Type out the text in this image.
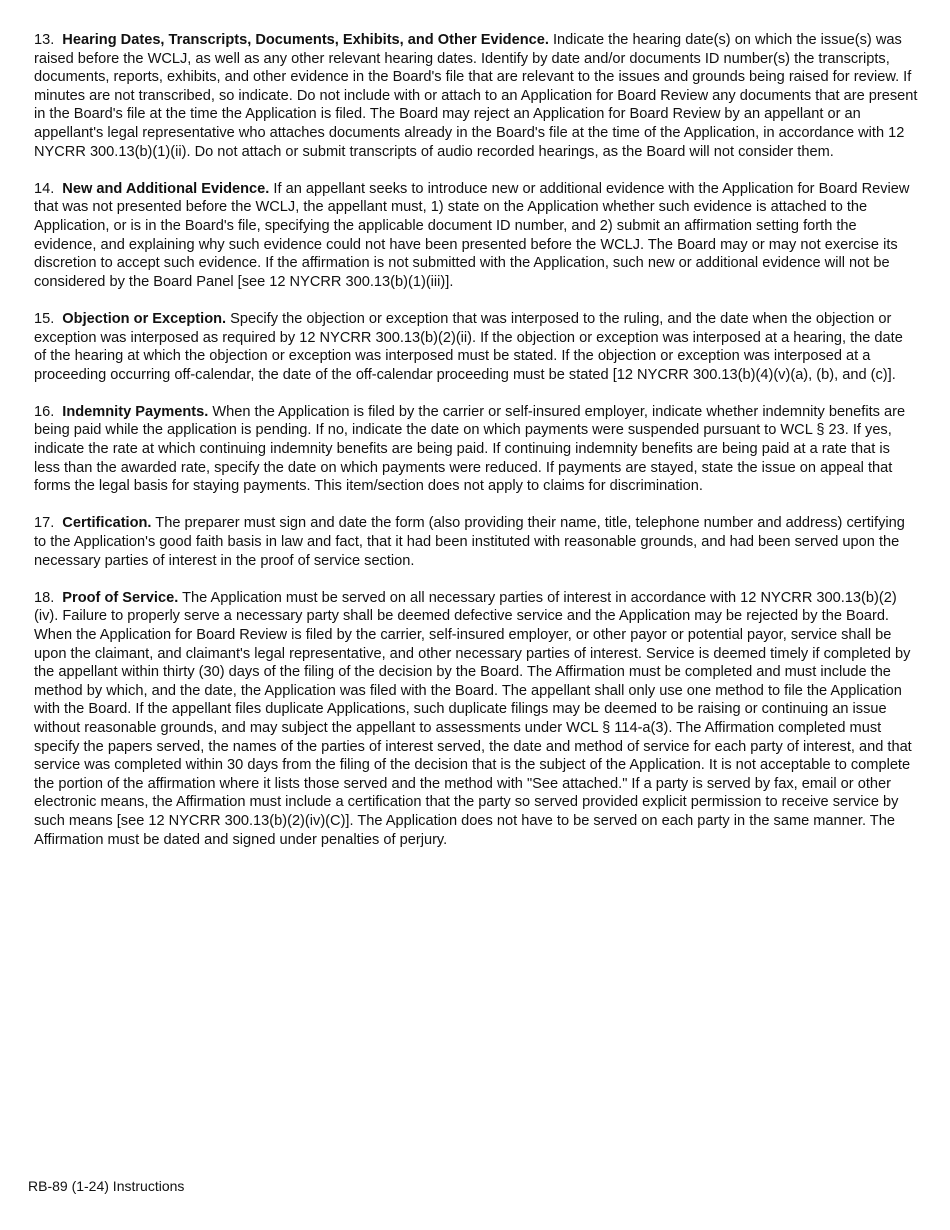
13. Hearing Dates, Transcripts, Documents, Exhibits, and Other Evidence. Indicate the hearing date(s) on which the issue(s) was raised before the WCLJ, as well as any other relevant hearing dates. Identify by date and/or documents ID number(s) the transcripts, documents, reports, exhibits, and other evidence in the Board's file that are relevant to the issues and grounds being raised for review. If minutes are not transcribed, so indicate. Do not include with or attach to an Application for Board Review any documents that are present in the Board's file at the time the Application is filed. The Board may reject an Application for Board Review by an appellant or an appellant's legal representative who attaches documents already in the Board's file at the time of the Application, in accordance with 12 NYCRR 300.13(b)(1)(ii). Do not attach or submit transcripts of audio recorded hearings, as the Board will not consider them.

14. New and Additional Evidence. If an appellant seeks to introduce new or additional evidence with the Application for Board Review that was not presented before the WCLJ, the appellant must, 1) state on the Application whether such evidence is attached to the Application, or is in the Board's file, specifying the applicable document ID number, and 2) submit an affirmation setting forth the evidence, and explaining why such evidence could not have been presented before the WCLJ. The Board may or may not exercise its discretion to accept such evidence. If the affirmation is not submitted with the Application, such new or additional evidence will not be considered by the Board Panel [see 12 NYCRR 300.13(b)(1)(iii)].

15. Objection or Exception. Specify the objection or exception that was interposed to the ruling, and the date when the objection or exception was interposed as required by 12 NYCRR 300.13(b)(2)(ii). If the objection or exception was interposed at a hearing, the date of the hearing at which the objection or exception was interposed must be stated. If the objection or exception was interposed at a proceeding occurring off-calendar, the date of the off-calendar proceeding must be stated [12 NYCRR 300.13(b)(4)(v)(a), (b), and (c)].

16. Indemnity Payments. When the Application is filed by the carrier or self-insured employer, indicate whether indemnity benefits are being paid while the application is pending. If no, indicate the date on which payments were suspended pursuant to WCL § 23. If yes, indicate the rate at which continuing indemnity benefits are being paid. If continuing indemnity benefits are being paid at a rate that is less than the awarded rate, specify the date on which payments were reduced. If payments are stayed, state the issue on appeal that forms the legal basis for staying payments. This item/section does not apply to claims for discrimination.

17. Certification. The preparer must sign and date the form (also providing their name, title, telephone number and address) certifying to the Application's good faith basis in law and fact, that it had been instituted with reasonable grounds, and had been served upon the necessary parties of interest in the proof of service section.

18. Proof of Service. The Application must be served on all necessary parties of interest in accordance with 12 NYCRR 300.13(b)(2)(iv). Failure to properly serve a necessary party shall be deemed defective service and the Application may be rejected by the Board. When the Application for Board Review is filed by the carrier, self-insured employer, or other payor or potential payor, service shall be upon the claimant, and claimant's legal representative, and other necessary parties of interest. Service is deemed timely if completed by the appellant within thirty (30) days of the filing of the decision by the Board. The Affirmation must be completed and must include the method by which, and the date, the Application was filed with the Board. The appellant shall only use one method to file the Application with the Board. If the appellant files duplicate Applications, such duplicate filings may be deemed to be raising or continuing an issue without reasonable grounds, and may subject the appellant to assessments under WCL § 114-a(3). The Affirmation completed must specify the papers served, the names of the parties of interest served, the date and method of service for each party of interest, and that service was completed within 30 days from the filing of the decision that is the subject of the Application. It is not acceptable to complete the portion of the affirmation where it lists those served and the method with "See attached." If a party is served by fax, email or other electronic means, the Affirmation must include a certification that the party so served provided explicit permission to receive service by such means [see 12 NYCRR 300.13(b)(2)(iv)(C)]. The Application does not have to be served on each party in the same manner. The Affirmation must be dated and signed under penalties of perjury.

RB-89 (1-24) Instructions
